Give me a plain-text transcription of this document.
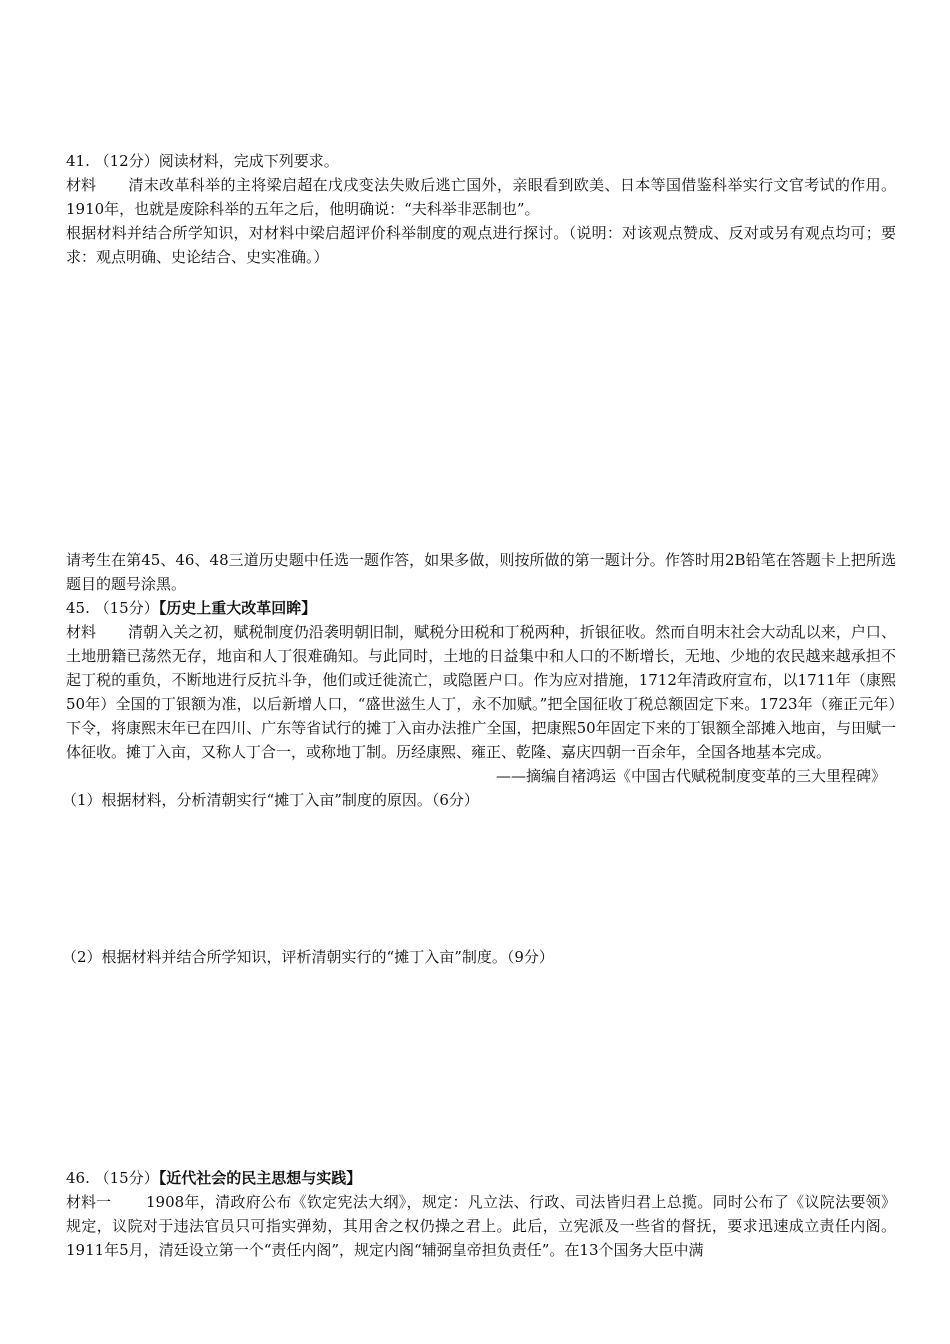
41. （12分）阅读材料，完成下列要求。

材料 清末改革科举的主将梁启超在戊戌变法失败后逃亡国外，亲眼看到欧美、日本等国借鉴科举实行文官考试的作用。1910年，也就是废除科举的五年之后，他明确说：“夫科举非恶制也”。

根据材料并结合所学知识，对材料中梁启超评价科举制度的观点进行探讨。（说明：对该观点赞成、反对或另有观点均可；要求：观点明确、史论结合、史实准确。）

请考生在第45、46、48三道历史题中任选一题作答，如果多做，则按所做的第一题计分。作答时用2B铅笔在答题卡上把所选题目的题号涂黑。

45. （15分）【历史上重大改革回眸】

材料 清朝入关之初，赋税制度仍沿袭明朝旧制，赋税分田税和丁税两种，折银征收。然而自明末社会大动乱以来，户口、土地册籍已荡然无存，地亩和人丁很难确知。与此同时，土地的日益集中和人口的不断增长，无地、少地的农民越来越承担不起丁税的重负，不断地进行反抗斗争，他们或迁徙流亡，或隐匿户口。作为应对措施，1712年清政府宣布，以1711年（康熙50年）全国的丁银额为准，以后新增人口，“盛世滋生人丁，永不加赋。”把全国征收丁税总额固定下来。1723年（雍正元年）下令，将康熙末年已在四川、广东等省试行的摊丁入亩办法推广全国，把康熙50年固定下来的丁银额全部摊入地亩，与田赋一体征收。摊丁入亩，又称人丁合一，或称地丁制。历经康熙、雍正、乾隆、嘉庆四朝一百余年，全国各地基本完成。

——摘编自褚鸿运《中国古代赋税制度变革的三大里程碑》

（1）根据材料，分析清朝实行“摊丁入亩”制度的原因。（6分）

（2）根据材料并结合所学知识，评析清朝实行的“摊丁入亩”制度。（9分）

46. （15分）【近代社会的民主思想与实践】

材料一 1908年，清政府公布《钦定宪法大纲》，规定：凡立法、行政、司法皆归君上总揽。同时公布了《议院法要领》规定，议院对于违法官员只可指实弹劾，其用舍之权仍操之君上。此后，立宪派及一些省的督抚，要求迅速成立责任内阁。1911年5月，清廷设立第一个“责任内阁”，规定内阁“辅弼皇帝担负责任”。在13个国务大臣中满
